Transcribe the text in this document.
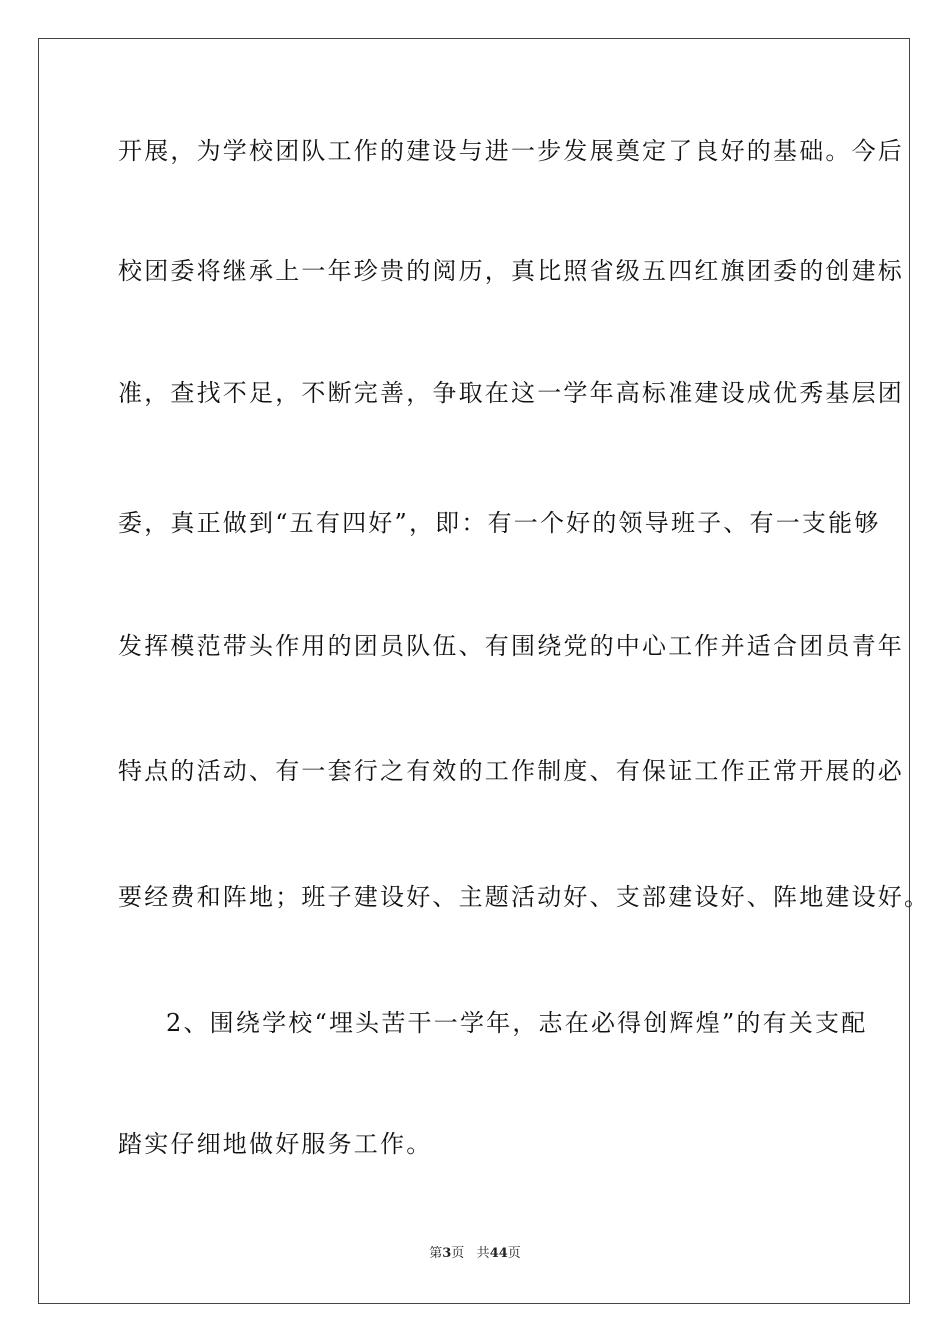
开展，为学校团队工作的建设与进一步发展奠定了良好的基础。今后
校团委将继承上一年珍贵的阅历，真比照省级五四红旗团委的创建标
准，查找不足，不断完善，争取在这一学年高标准建设成优秀基层团
委，真正做到“五有四好”，即：有一个好的领导班子、有一支能够
发挥模范带头作用的团员队伍、有围绕党的中心工作并适合团员青年
特点的活动、有一套行之有效的工作制度、有保证工作正常开展的必
要经费和阵地；班子建设好、主题活动好、支部建设好、阵地建设好。
2、围绕学校“埋头苦干一学年，志在必得创辉煌”的有关支配
踏实仔细地做好服务工作。
第3页 共44页
